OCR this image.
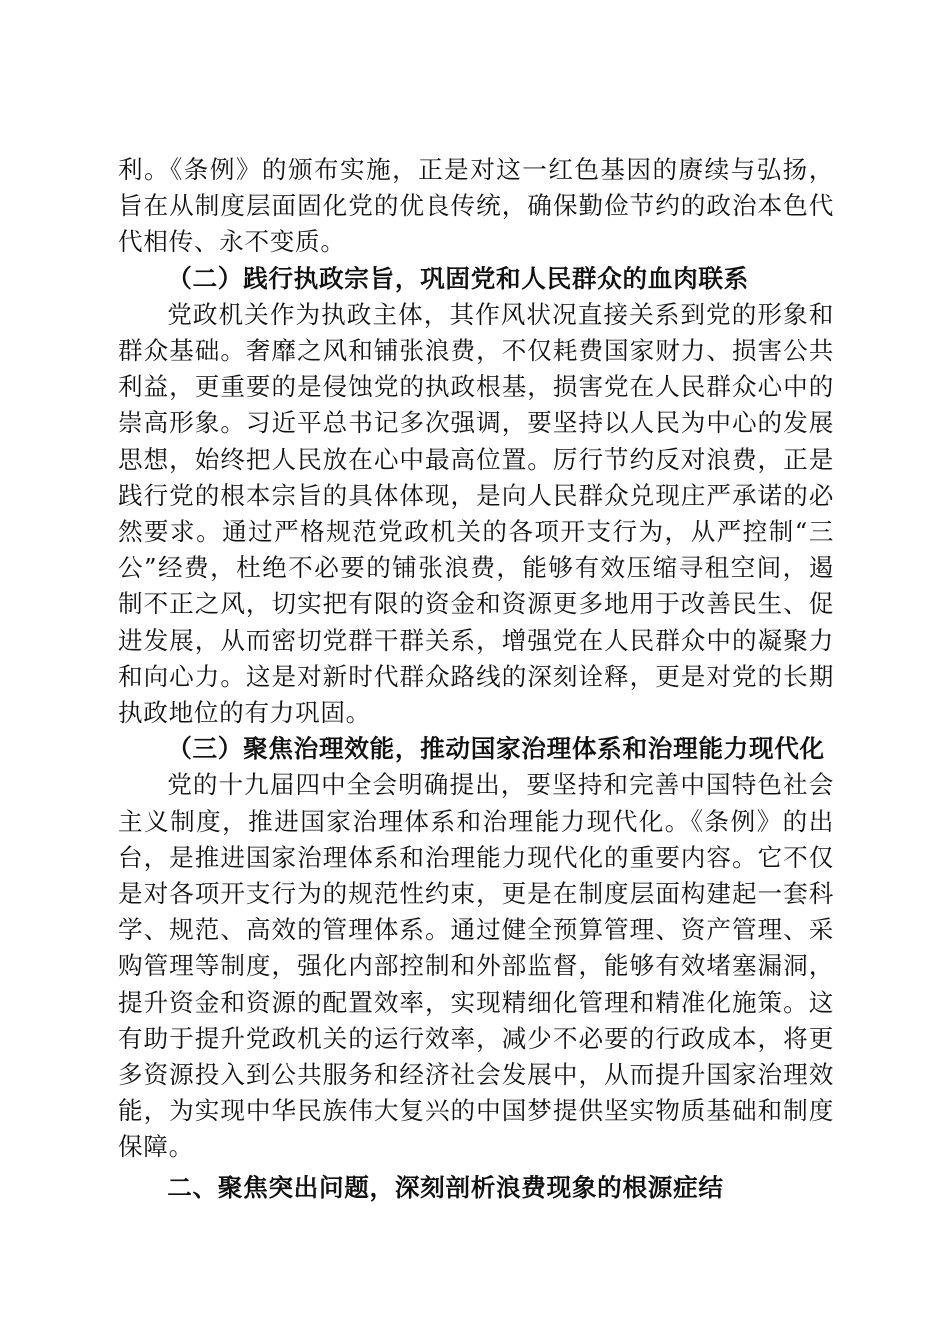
利。《条例》的颁布实施，正是对这一红色基因的赓续与弘扬，旨在从制度层面固化党的优良传统，确保勤俭节约的政治本色代代相传、永不变质。

（二）践行执政宗旨，巩固党和人民群众的血肉联系

党政机关作为执政主体，其作风状况直接关系到党的形象和群众基础。奢靡之风和铺张浪费，不仅耗费国家财力、损害公共利益，更重要的是侵蚀党的执政根基，损害党在人民群众心中的崇高形象。习近平总书记多次强调，要坚持以人民为中心的发展思想，始终把人民放在心中最高位置。厉行节约反对浪费，正是践行党的根本宗旨的具体体现，是向人民群众兑现庄严承诺的必然要求。通过严格规范党政机关的各项开支行为，从严控制“三公”经费，杜绝不必要的铺张浪费，能够有效压缩寻租空间，遏制不正之风，切实把有限的资金和资源更多地用于改善民生、促进发展，从而密切党群干群关系，增强党在人民群众中的凝聚力和向心力。这是对新时代群众路线的深刻诠释，更是对党的长期执政地位的有力巩固。

（三）聚焦治理效能，推动国家治理体系和治理能力现代化

党的十九届四中全会明确提出，要坚持和完善中国特色社会主义制度，推进国家治理体系和治理能力现代化。《条例》的出台，是推进国家治理体系和治理能力现代化的重要内容。它不仅是对各项开支行为的规范性约束，更是在制度层面构建起一套科学、规范、高效的管理体系。通过健全预算管理、资产管理、采购管理等制度，强化内部控制和外部监督，能够有效堵塞漏洞，提升资金和资源的配置效率，实现精细化管理和精准化施策。这有助于提升党政机关的运行效率，减少不必要的行政成本，将更多资源投入到公共服务和经济社会发展中，从而提升国家治理效能，为实现中华民族伟大复兴的中国梦提供坚实物质基础和制度保障。

二、聚焦突出问题，深刻剖析浪费现象的根源症结
